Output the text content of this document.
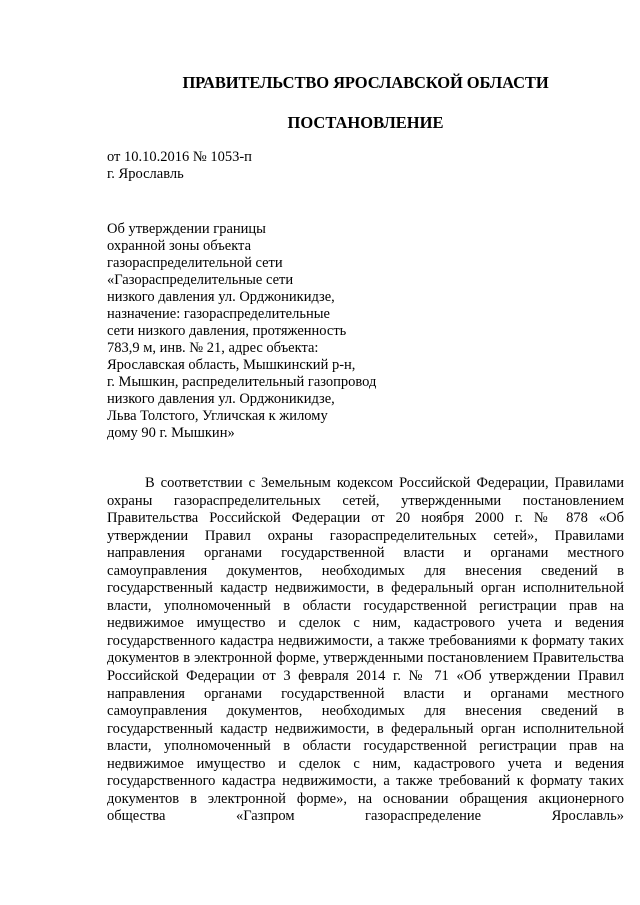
ПРАВИТЕЛЬСТВО ЯРОСЛАВСКОЙ ОБЛАСТИ
ПОСТАНОВЛЕНИЕ
от 10.10.2016 № 1053-п
г. Ярославль
Об утверждении границы
охранной зоны объекта
газораспределительной сети
«Газораспределительные сети
низкого давления ул. Орджоникидзе,
назначение: газораспределительные
сети низкого давления, протяженность
783,9 м, инв. № 21, адрес объекта:
Ярославская область, Мышкинский р-н,
г. Мышкин, распределительный газопровод
низкого давления ул. Орджоникидзе,
Льва Толстого, Угличская к жилому
дому 90 г. Мышкин»

В соответствии с Земельным кодексом Российской Федерации, Правилами охраны газораспределительных сетей, утвержденными постановлением Правительства Российской Федерации от 20 ноября 2000 г. № 878 «Об утверждении Правил охраны газораспределительных сетей», Правилами направления органами государственной власти и органами местного самоуправления документов, необходимых для внесения сведений в государственный кадастр недвижимости, в федеральный орган исполнительной власти, уполномоченный в области государственной регистрации прав на недвижимое имущество и сделок с ним, кадастрового учета и ведения государственного кадастра недвижимости, а также требованиями к формату таких документов в электронной форме, утвержденными постановлением Правительства Российской Федерации от 3 февраля 2014 г. № 71 «Об утверждении Правил направления органами государственной власти и органами местного самоуправления документов, необходимых для внесения сведений в государственный кадастр недвижимости, в федеральный орган исполнительной власти, уполномоченный в области государственной регистрации прав на недвижимое имущество и сделок с ним, кадастрового учета и ведения государственного кадастра недвижимости, а также требований к формату таких документов в электронной форме», на основании обращения акционерного общества «Газпром газораспределение Ярославль»
